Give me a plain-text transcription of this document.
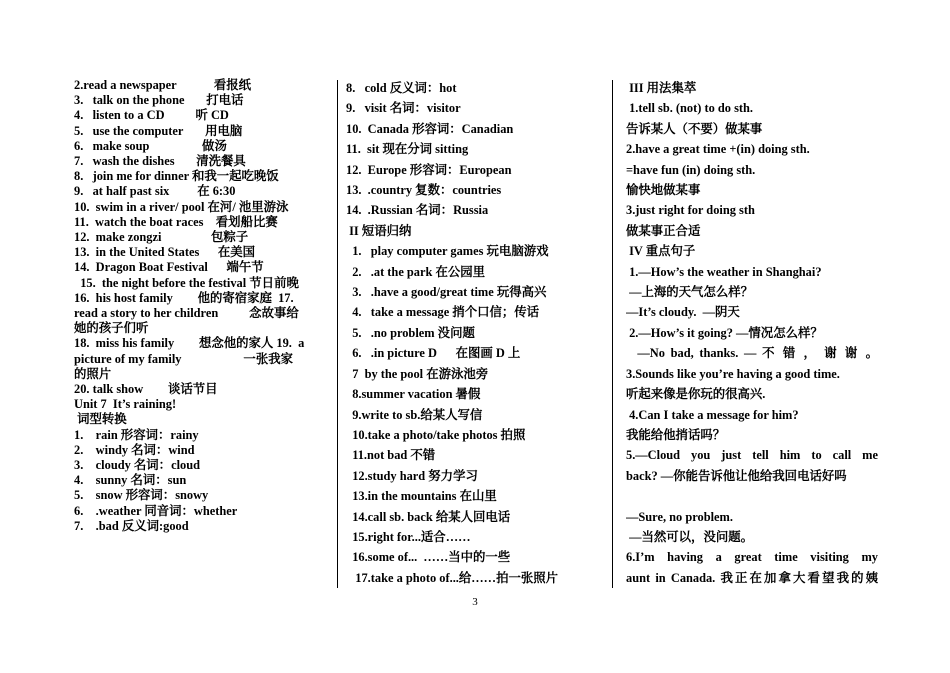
2.read a newspaper            看报纸
3.   talk on the phone       打电话
4.   listen to a CD          听 CD
5.   use the computer       用电脑
6.   make soup                 做汤
7.   wash the dishes       清洗餐具
8.   join me for dinner 和我一起吃晚饭
9.   at half past six         在 6:30
10.  swim in a river/ pool 在河/ 池里游泳
11.  watch the boat races    看划船比赛
12.  make zongzi                包粽子
13.  in the United States      在美国
14.  Dragon Boat Festival      端午节
15.  the night before the festival 节日前晚
16.  his host family        他的寄宿家庭  17.
read a story to her children          念故事给
她的孩子们听
18.  miss his family        想念他的家人 19.  a
picture of my family                    一张我家
的照片
20. talk show        谈话节目
Unit 7  It’s raining!
词型转换
1.    rain 形容词：rainy
2.    windy 名词：wind
3.    cloudy 名词：cloud
4.    sunny 名词：sun
5.    snow 形容词：snowy
6.    .weather 同音词：whether
7.    .bad 反义词:good
8.   cold 反义词：hot
9.   visit 名词：visitor
10.  Canada 形容词：Canadian
11.  sit 现在分词 sitting
12.  Europe 形容词：European
13.  .country 复数：countries
14.  .Russian 名词：Russia
II 短语归纳
1.   play computer games 玩电脑游戏
2.   .at the park 在公园里
3.   .have a good/great time 玩得高兴
4.   take a message 捎个口信；传话
5.   .no problem 没问题
6.   .in picture D      在图画 D 上
7  by the pool 在游泳池旁
8.summer vacation 暑假
9.write to sb.给某人写信
10.take a photo/take photos 拍照
11.not bad 不错
12.study hard 努力学习
13.in the mountains 在山里
14.call sb. back 给某人回电话
15.right for...适合……
16.some of...  ……当中的一些
17.take a photo of...给……拍一张照片
III 用法集萃
1.tell sb. (not) to do sth.
告诉某人（不要）做某事
2.have a great time +(in) doing sth.
=have fun (in) doing sth.
愉快地做某事
3.just right for doing sth
做某事正合适
IV 重点句子
1.—How’s the weather in Shanghai?
—上海的天气怎么样？
—It’s cloudy.  —阴天
2.—How’s it going? —情况怎么样？
—No bad, thanks. — 不 错 ， 谢 谢 。
3.Sounds like you’re having a good time.
听起来像是你玩的很高兴.
4.Can I take a message for him?
我能给他捎话吗？
5.—Cloud you just tell him to call me
back? —你能告诉他让他给我回电话好吗

—Sure, no problem.
—当然可以，没问题。
6.I’m having a great time visiting my
aunt in Canada. 我正在加拿大看望我的姨
3
